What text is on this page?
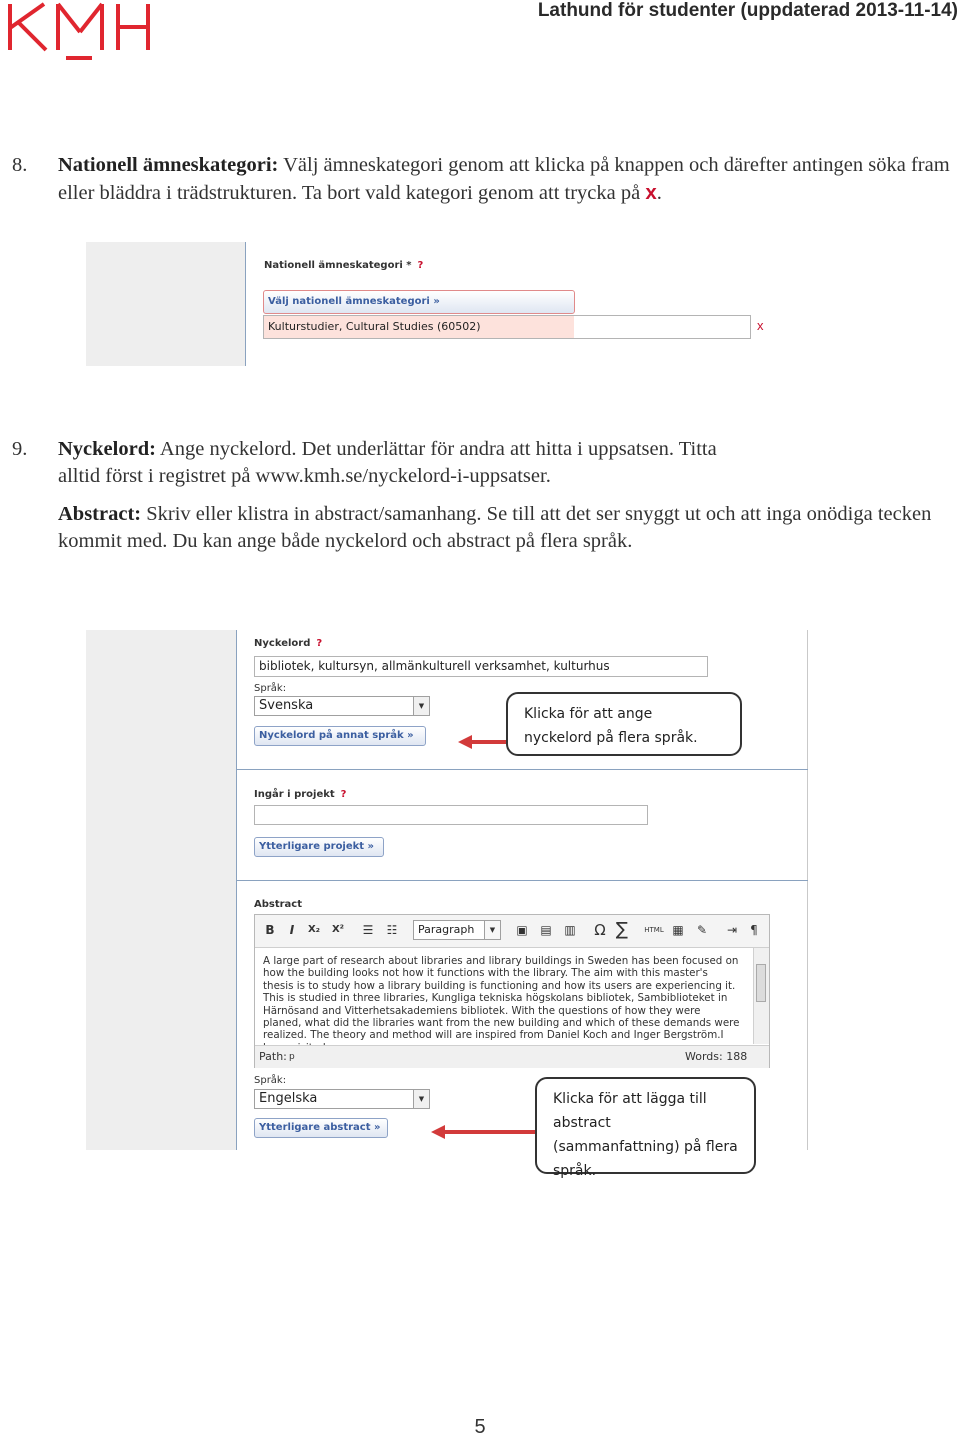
Lathund för studenter (uppdaterad 2013-11-14)
8. Nationell ämneskategori: Välj ämneskategori genom att klicka på knappen och därefter antingen söka fram eller bläddra i trädstrukturen. Ta bort vald kategori genom att trycka på x.
Nationell ämneskategori * ?
Välj nationell ämneskategori »
Kulturstudier, Cultural Studies (60502)	x
9. Nyckelord: Ange nyckelord. Det underlättar för andra att hitta i uppsatsen. Titta alltid först i registret på www.kmh.se/nyckelord-i-uppsatser.
Abstract: Skriv eller klistra in abstract/samanhang. Se till att det ser snyggt ut och att inga onödiga tecken kommit med. Du kan ange både nyckelord och abstract på flera språk.
Nyckelord ?
bibliotek, kultursyn, allmänkulturell verksamhet, kulturhus
Språk:
Svenska	▼
Nyckelord på annat språk »
Klicka för att ange nyckelord på flera språk.
Ingår i projekt ?
Ytterligare projekt »
Abstract
B	I	X₂ X²	☰	☷	Paragraph	▼	▣ ▤ ▥ Ω ∑	HTML ▦	✎	⇥	¶
A large part of research about libraries and library buildings in Sweden has been focused on how the building looks not how it functions with the library. The aim with this master's thesis is to study how a library building is functioning and how its users are experiencing it. This is studied in three libraries, Kungliga tekniska högskolans bibliotek, Sambiblioteket in Härnösand and Vitterhetsakademiens bibliotek. With the questions of how they were planed, what did the libraries want from the new building and which of these demands were realized. The theory and method will are inspired from Daniel Koch and Inger Bergström.I
Path: p	Words: 188
Språk:
Engelska	▼
Ytterligare abstract »
Klicka för att lägga till abstract (sammanfattning) på flera språk.
5
